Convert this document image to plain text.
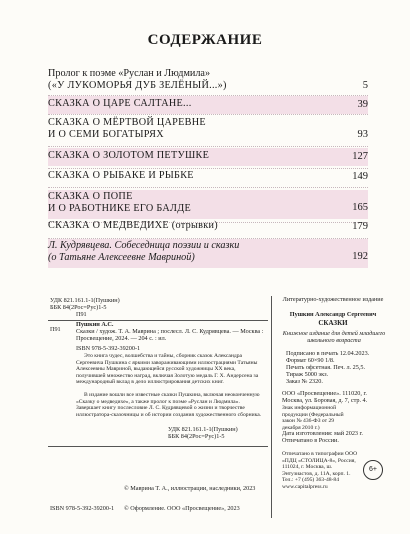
СОДЕРЖАНИЕ
Пролог к поэме «Руслан и Людмила»
(«У ЛУКОМОРЬЯ ДУБ ЗЕЛЁНЫЙ...»)	5
СКАЗКА О ЦАРЕ САЛТАНЕ...	39
СКАЗКА О МЁРТВОЙ ЦАРЕВНЕ
И О СЕМИ БОГАТЫРЯХ	93
СКАЗКА О ЗОЛОТОМ ПЕТУШКЕ	127
СКАЗКА О РЫБАКЕ И РЫБКЕ	149
СКАЗКА О ПОПЕ
И О РАБОТНИКЕ ЕГО БАЛДЕ	165
СКАЗКА О МЕДВЕДИХЕ (отрывки)	179
Л. Кудрявцева. Собеседница поэзии и сказки
(о Татьяне Алексеевне Мавриной)	192
УДК 821.161.1-1(Пушкин)
ББК 84(2Рос=Рус)1-5
П91
П91
Пушкин А.С.
Сказки / худож. Т. А. Маврина ; послесл. Л. С. Кудрявцева. — Москва : Просвещение, 2024. — 204 с. : ил.
ISBN 978-5-392-39200-1
Это книга чудес, волшебства и тайны, сборник сказок Александра Сергеевича Пушкина с яркими завораживающими иллюстрациями Татьяны Алексеевны Мавриной, выдающейся русской художницы XX века, получившей множество наград, включая Золотую медаль Г. Х. Андерсена за международный вклад в дело иллюстрирования детских книг.
В издание вошли все известные сказки Пушкина, включая неоконченную «Сказку о медведихе», а также пролог к поэме «Руслан и Людмила». Завершает книгу послесловие Л. С. Кудрявцевой о жизни и творчестве иллюстратора-сказочницы и об истории создания художественного сборника.
УДК 821.161.1-1(Пушкин)
ББК 84(2Рос=Рус)1-5
© Маврина Т. А., иллюстрации, наследники, 2023
ISBN 978-5-392-39200-1	© Оформление. ООО «Просвещение», 2023
Литературно-художественное издание
Пушкин Александр Сергеевич
СКАЗКИ
Книжное издание для детей младшего школьного возраста
Подписано в печать 12.04.2023.
Формат 60×90 1/8.
Печать офсетная. Печ. л. 25,5.
Тираж 5000 экз.
Заказ № 2320.
ООО «Просвещение». 111020, г. Москва, ул. Боровая, д. 7, стр. 4.
Знак информационной продукции (Федеральный закон № 436-ФЗ от 29 декабря 2010 г.)
6+
Дата изготовления: май 2023 г.
Отпечатано в России.
Отпечатано в типографии ООО «ПДЦ «СТОЛИЦА-8», Россия, 111024, г. Москва, ш. Энтузиастов, д. 11А, корп. 1. Тел.: +7 (495) 363-48-84 www.capitalpress.ru
